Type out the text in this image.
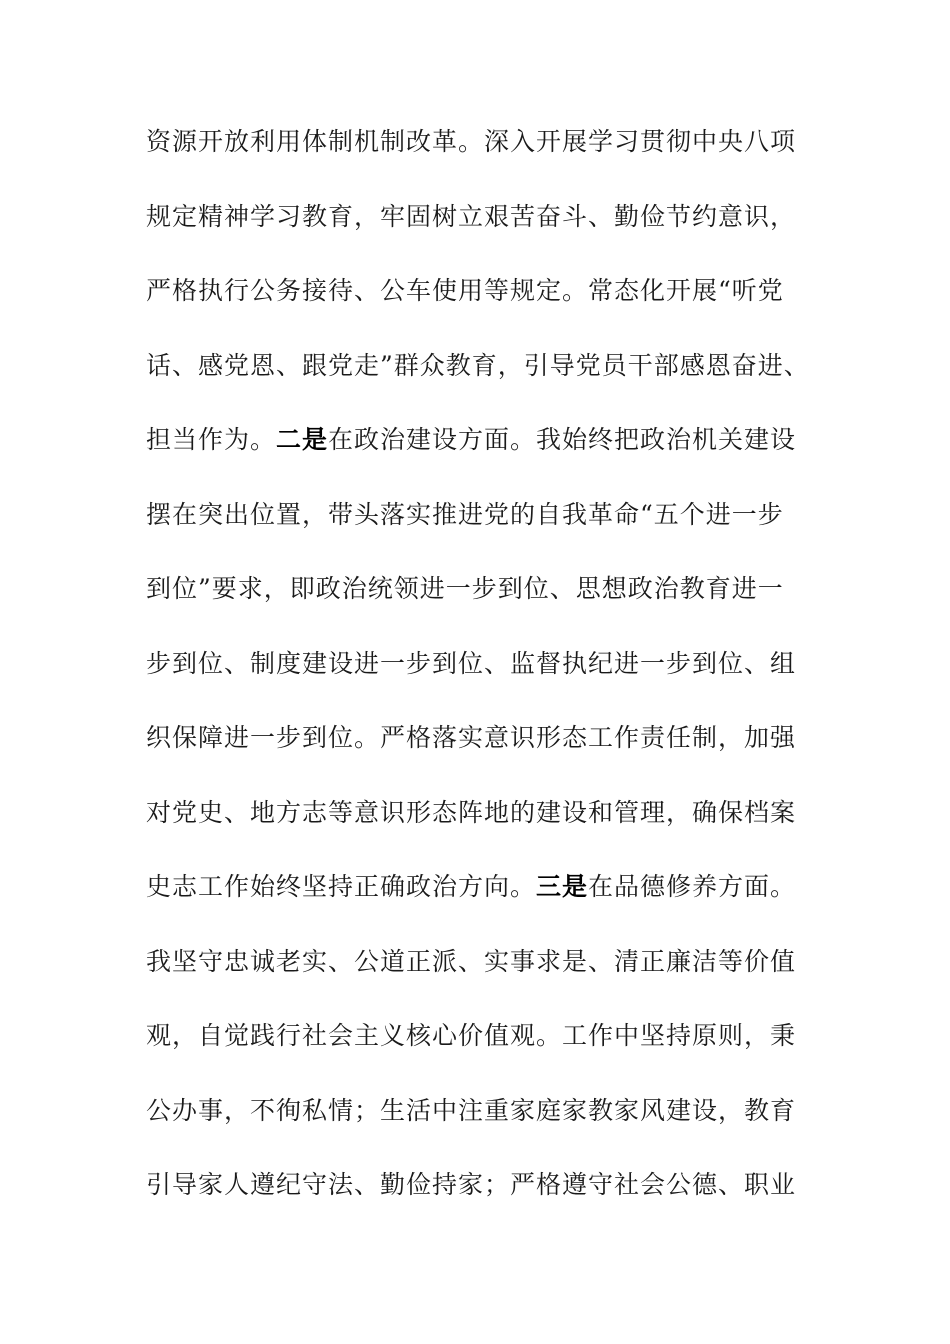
资源开放利用体制机制改革。深入开展学习贯彻中央八项
规定精神学习教育，牢固树立艰苦奋斗、勤俭节约意识，
严格执行公务接待、公车使用等规定。常态化开展“听党
话、感党恩、跟党走”群众教育，引导党员干部感恩奋进、
担当作为。二是在政治建设方面。我始终把政治机关建设
摆在突出位置，带头落实推进党的自我革命“五个进一步
到位”要求，即政治统领进一步到位、思想政治教育进一
步到位、制度建设进一步到位、监督执纪进一步到位、组
织保障进一步到位。严格落实意识形态工作责任制，加强
对党史、地方志等意识形态阵地的建设和管理，确保档案
史志工作始终坚持正确政治方向。三是在品德修养方面。
我坚守忠诚老实、公道正派、实事求是、清正廉洁等价值
观，自觉践行社会主义核心价值观。工作中坚持原则，秉
公办事，不徇私情；生活中注重家庭家教家风建设，教育
引导家人遵纪守法、勤俭持家；严格遵守社会公德、职业
